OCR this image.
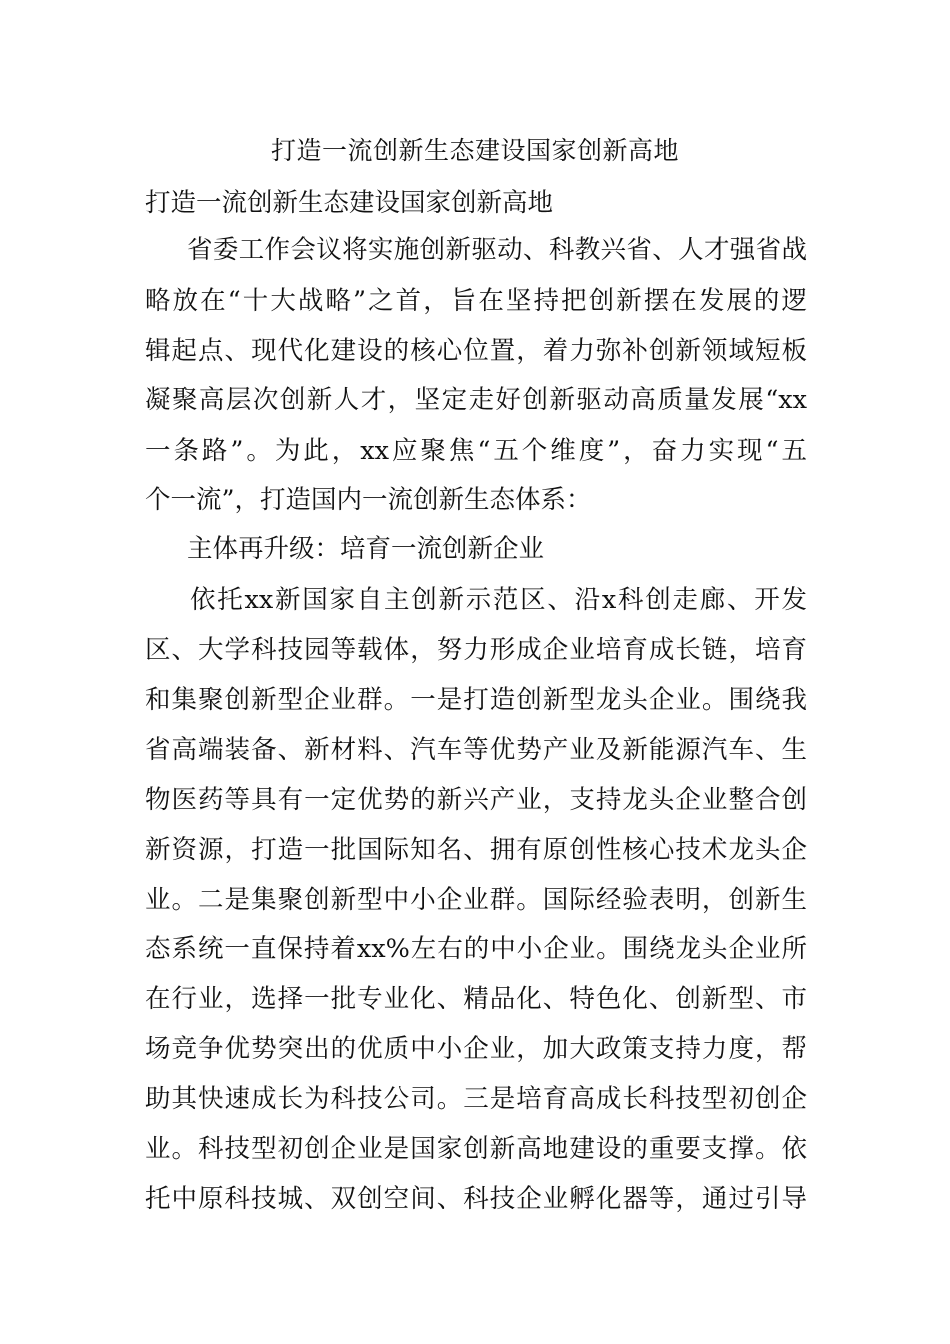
打造一流创新生态建设国家创新高地
打造一流创新生态建设国家创新高地
省委工作会议将实施创新驱动、科教兴省、人才强省战
略放在“十大战略”之首，旨在坚持把创新摆在发展的逻
辑起点、现代化建设的核心位置，着力弥补创新领域短板
凝聚高层次创新人才，坚定走好创新驱动高质量发展“xx
一条路”。为此，xx应聚焦“五个维度”，奋力实现“五
个一流”，打造国内一流创新生态体系：
主体再升级：培育一流创新企业
依托xx新国家自主创新示范区、沿x科创走廊、开发
区、大学科技园等载体，努力形成企业培育成长链，培育
和集聚创新型企业群。一是打造创新型龙头企业。围绕我
省高端装备、新材料、汽车等优势产业及新能源汽车、生
物医药等具有一定优势的新兴产业，支持龙头企业整合创
新资源，打造一批国际知名、拥有原创性核心技术龙头企
业。二是集聚创新型中小企业群。国际经验表明，创新生
态系统一直保持着xx%左右的中小企业。围绕龙头企业所
在行业，选择一批专业化、精品化、特色化、创新型、市
场竞争优势突出的优质中小企业，加大政策支持力度，帮
助其快速成长为科技公司。三是培育高成长科技型初创企
业。科技型初创企业是国家创新高地建设的重要支撑。依
托中原科技城、双创空间、科技企业孵化器等，通过引导
